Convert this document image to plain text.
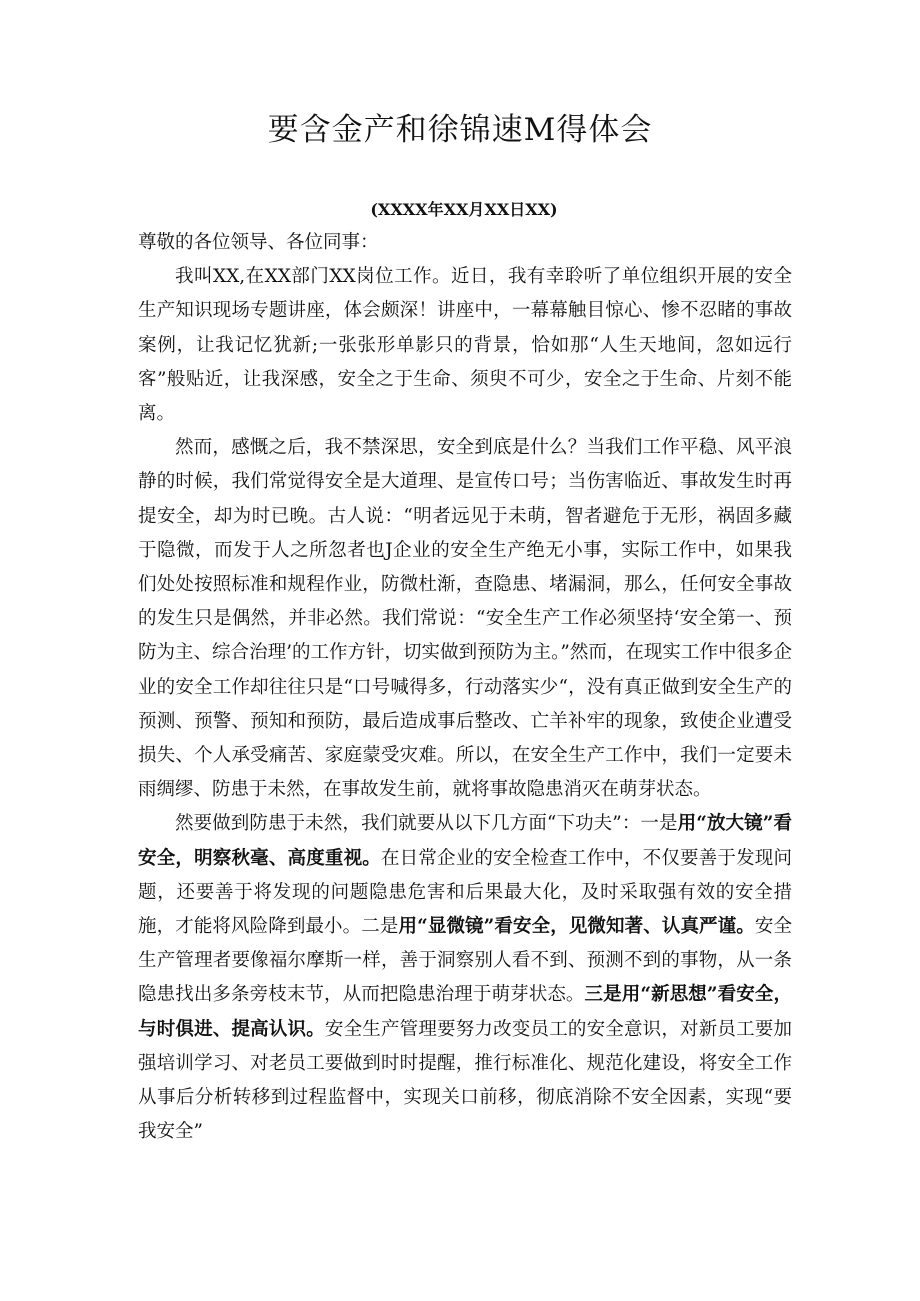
要含金产和徐锦速M得体会
(XXXX年XX月XX日XX)

尊敬的各位领导、各位同事：

我叫XX,在XX部门XX岗位工作。近日，我有幸聆听了单位组织开展的安全生产知识现场专题讲座，体会颇深！讲座中，一幕幕触目惊心、惨不忍睹的事故案例，让我记忆犹新;一张张形单影只的背景，恰如那“人生天地间，忽如远行客”般贴近，让我深感，安全之于生命、须臾不可少，安全之于生命、片刻不能离。

然而，感慨之后，我不禁深思，安全到底是什么？当我们工作平稳、风平浪静的时候，我们常觉得安全是大道理、是宣传口号；当伤害临近、事故发生时再提安全，却为时已晚。古人说：“明者远见于未萌，智者避危于无形，祸固多藏于隐微，而发于人之所忽者也J企业的安全生产绝无小事，实际工作中，如果我们处处按照标准和规程作业，防微杜渐，查隐患、堵漏洞，那么，任何安全事故的发生只是偶然，并非必然。我们常说：“安全生产工作必须坚持‘安全第一、预防为主、综合治理’的工作方针，切实做到预防为主。”然而，在现实工作中很多企业的安全工作却往往只是“口号喊得多，行动落实少“，没有真正做到安全生产的预测、预警、预知和预防，最后造成事后整改、亡羊补牢的现象，致使企业遭受损失、个人承受痛苦、家庭蒙受灾难。所以，在安全生产工作中，我们一定要未雨绸缪、防患于未然，在事故发生前，就将事故隐患消灭在萌芽状态。

然要做到防患于未然，我们就要从以下几方面“下功夫”：一是用“放大镜”看安全，明察秋毫、高度重视。在日常企业的安全检查工作中，不仅要善于发现问题，还要善于将发现的问题隐患危害和后果最大化，及时采取强有效的安全措施，才能将风险降到最小。二是用“显微镜”看安全，见微知著、认真严谨。安全生产管理者要像福尔摩斯一样，善于洞察别人看不到、预测不到的事物，从一条隐患找出多条旁枝末节，从而把隐患治理于萌芽状态。三是用“新思想”看安全，与时俱进、提高认识。安全生产管理要努力改变员工的安全意识，对新员工要加强培训学习、对老员工要做到时时提醒，推行标准化、规范化建设，将安全工作从事后分析转移到过程监督中，实现关口前移，彻底消除不安全因素，实现“要我安全”
